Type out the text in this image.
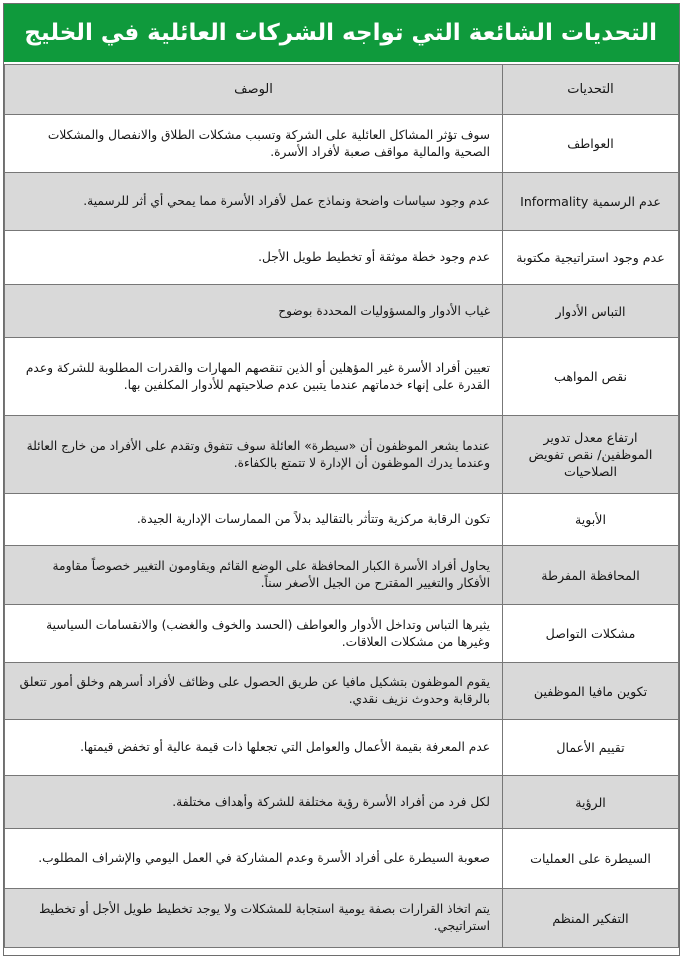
التحديات الشائعة التي تواجه الشركات العائلية في الخليج
التحديات	الوصف
العواطف	سوف تؤثر المشاكل العائلية على الشركة وتسبب مشكلات الطلاق والانفصال والمشكلات الصحية والمالية مواقف صعبة لأفراد الأسرة.
عدم الرسمية Informality	عدم وجود سياسات واضحة ونماذج عمل لأفراد الأسرة مما يمحي أي أثر للرسمية.
عدم وجود استراتيجية مكتوبة	عدم وجود خطة موثقة أو تخطيط طويل الأجل.
التباس الأدوار	غياب الأدوار والمسؤوليات المحددة بوضوح
نقص المواهب	تعيين أفراد الأسرة غير المؤهلين أو الذين تنقصهم المهارات والقدرات المطلوبة للشركة وعدم القدرة على إنهاء خدماتهم عندما يتبين عدم صلاحيتهم للأدوار المكلفين بها.
ارتفاع معدل تدوير الموظفين/ نقص تفويض الصلاحيات	عندما يشعر الموظفون أن «سيطرة» العائلة سوف تتفوق وتقدم على الأفراد من خارج العائلة وعندما يدرك الموظفون أن الإدارة لا تتمتع بالكفاءة.
الأبوية	تكون الرقابة مركزية وتتأثر بالتقاليد بدلاً من الممارسات الإدارية الجيدة.
المحافظة المفرطة	يحاول أفراد الأسرة الكبار المحافظة على الوضع القائم ويقاومون التغيير خصوصاً مقاومة الأفكار والتغيير المقترح من الجيل الأصغر سناً.
مشكلات التواصل	يثيرها التباس وتداخل الأدوار والعواطف (الحسد والخوف والغضب) والانقسامات السياسية وغيرها من مشكلات العلاقات.
تكوين مافيا الموظفين	يقوم الموظفون بتشكيل مافيا عن طريق الحصول على وظائف لأفراد أسرهم وخلق أمور تتعلق بالرقابة وحدوث نزيف نقدي.
تقييم الأعمال	عدم المعرفة بقيمة الأعمال والعوامل التي تجعلها ذات قيمة عالية أو تخفض قيمتها.
الرؤية	لكل فرد من أفراد الأسرة رؤية مختلفة للشركة وأهداف مختلفة.
السيطرة على العمليات	صعوبة السيطرة على أفراد الأسرة وعدم المشاركة في العمل اليومي والإشراف المطلوب.
التفكير المنظم	يتم اتخاذ القرارات بصفة يومية استجابة للمشكلات ولا يوجد تخطيط طويل الأجل أو تخطيط استراتيجي.
